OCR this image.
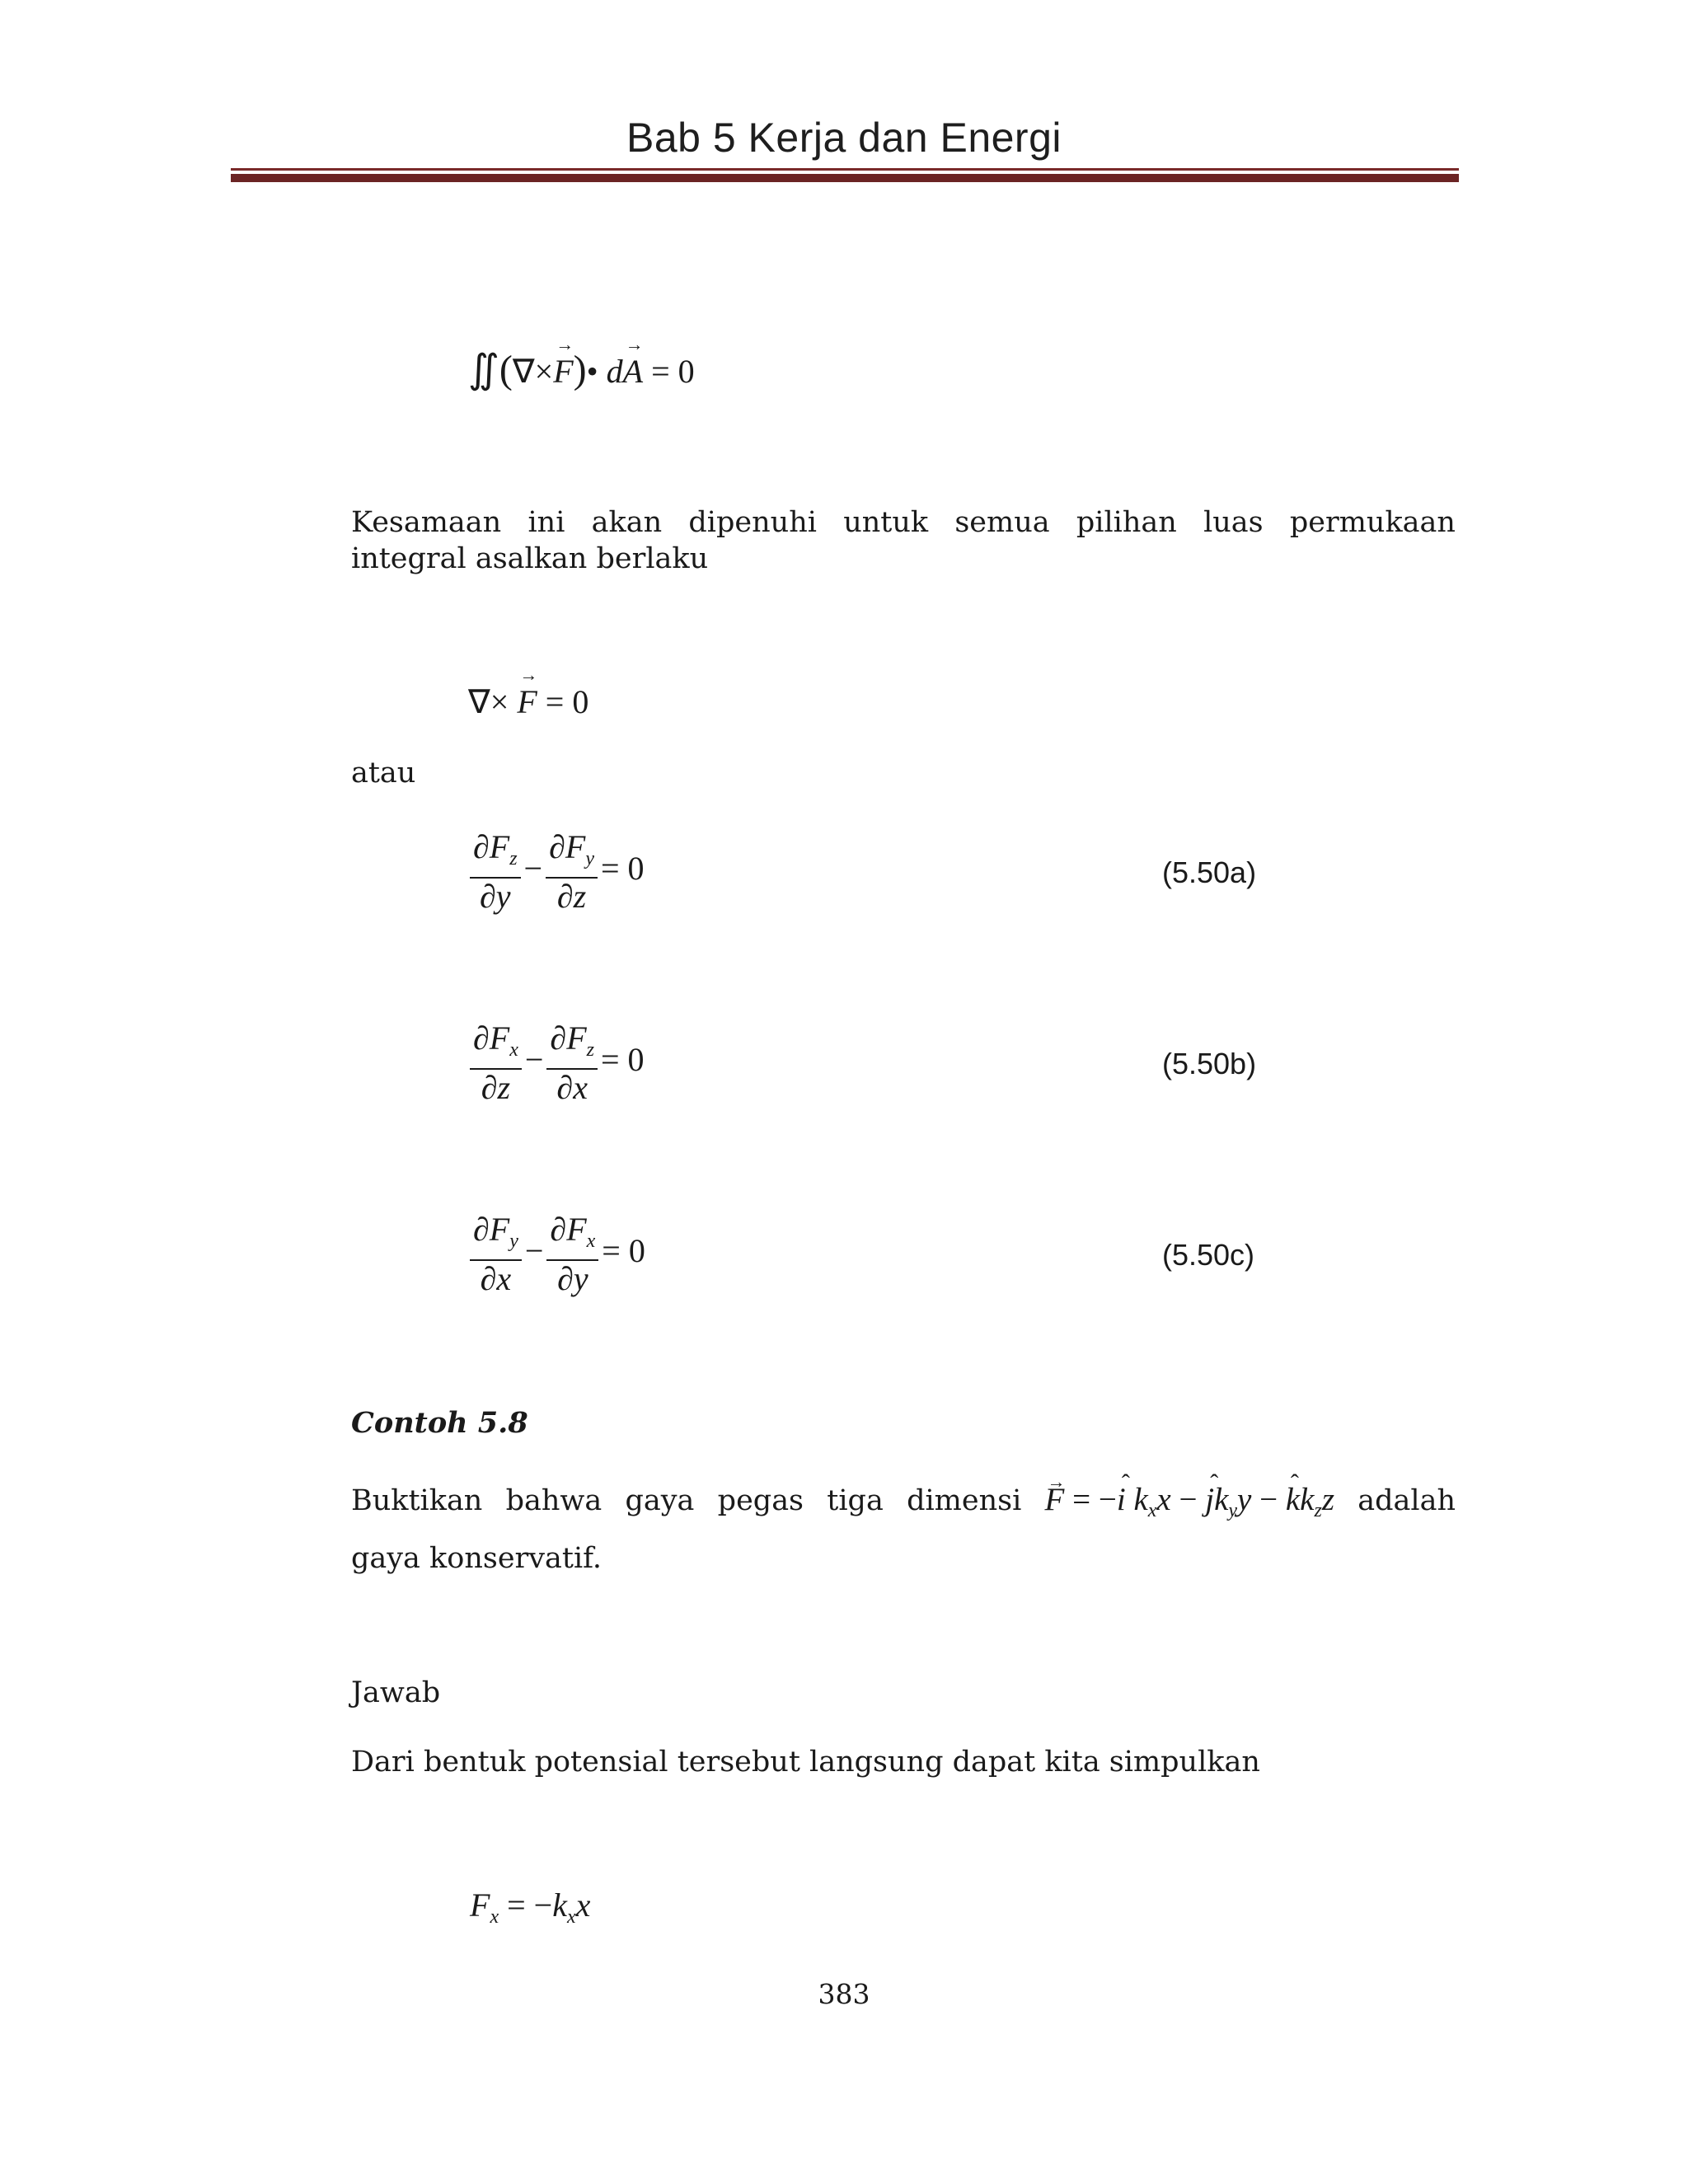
Bab 5 Kerja dan Energi
∬(∇×→ F)• d→ A = 0
Kesamaan ini akan dipenuhi untuk semua pilihan luas permukaan
integral asalkan berlaku
∇× → F = 0
atau
$\frac{\partial F_z}{\partial y} - \frac{\partial F_y}{\partial z} = 0$	(5.50a)
$\frac{\partial F_x}{\partial z} - \frac{\partial F_z}{\partial x} = 0$	(5.50b)
$\frac{\partial F_y}{\partial x} - \frac{\partial F_x}{\partial y} = 0$	(5.50c)
Contoh 5.8
Buktikan bahwa gaya pegas tiga dimensi
→ F = −ˆ i $k_xx$ − ˆ $jk_yy$ − ˆ $kk_zz$ adalah
gaya konservatif.
Jawab
Dari bentuk potensial tersebut langsung dapat kita simpulkan
$F_x = -k_xx$
383
